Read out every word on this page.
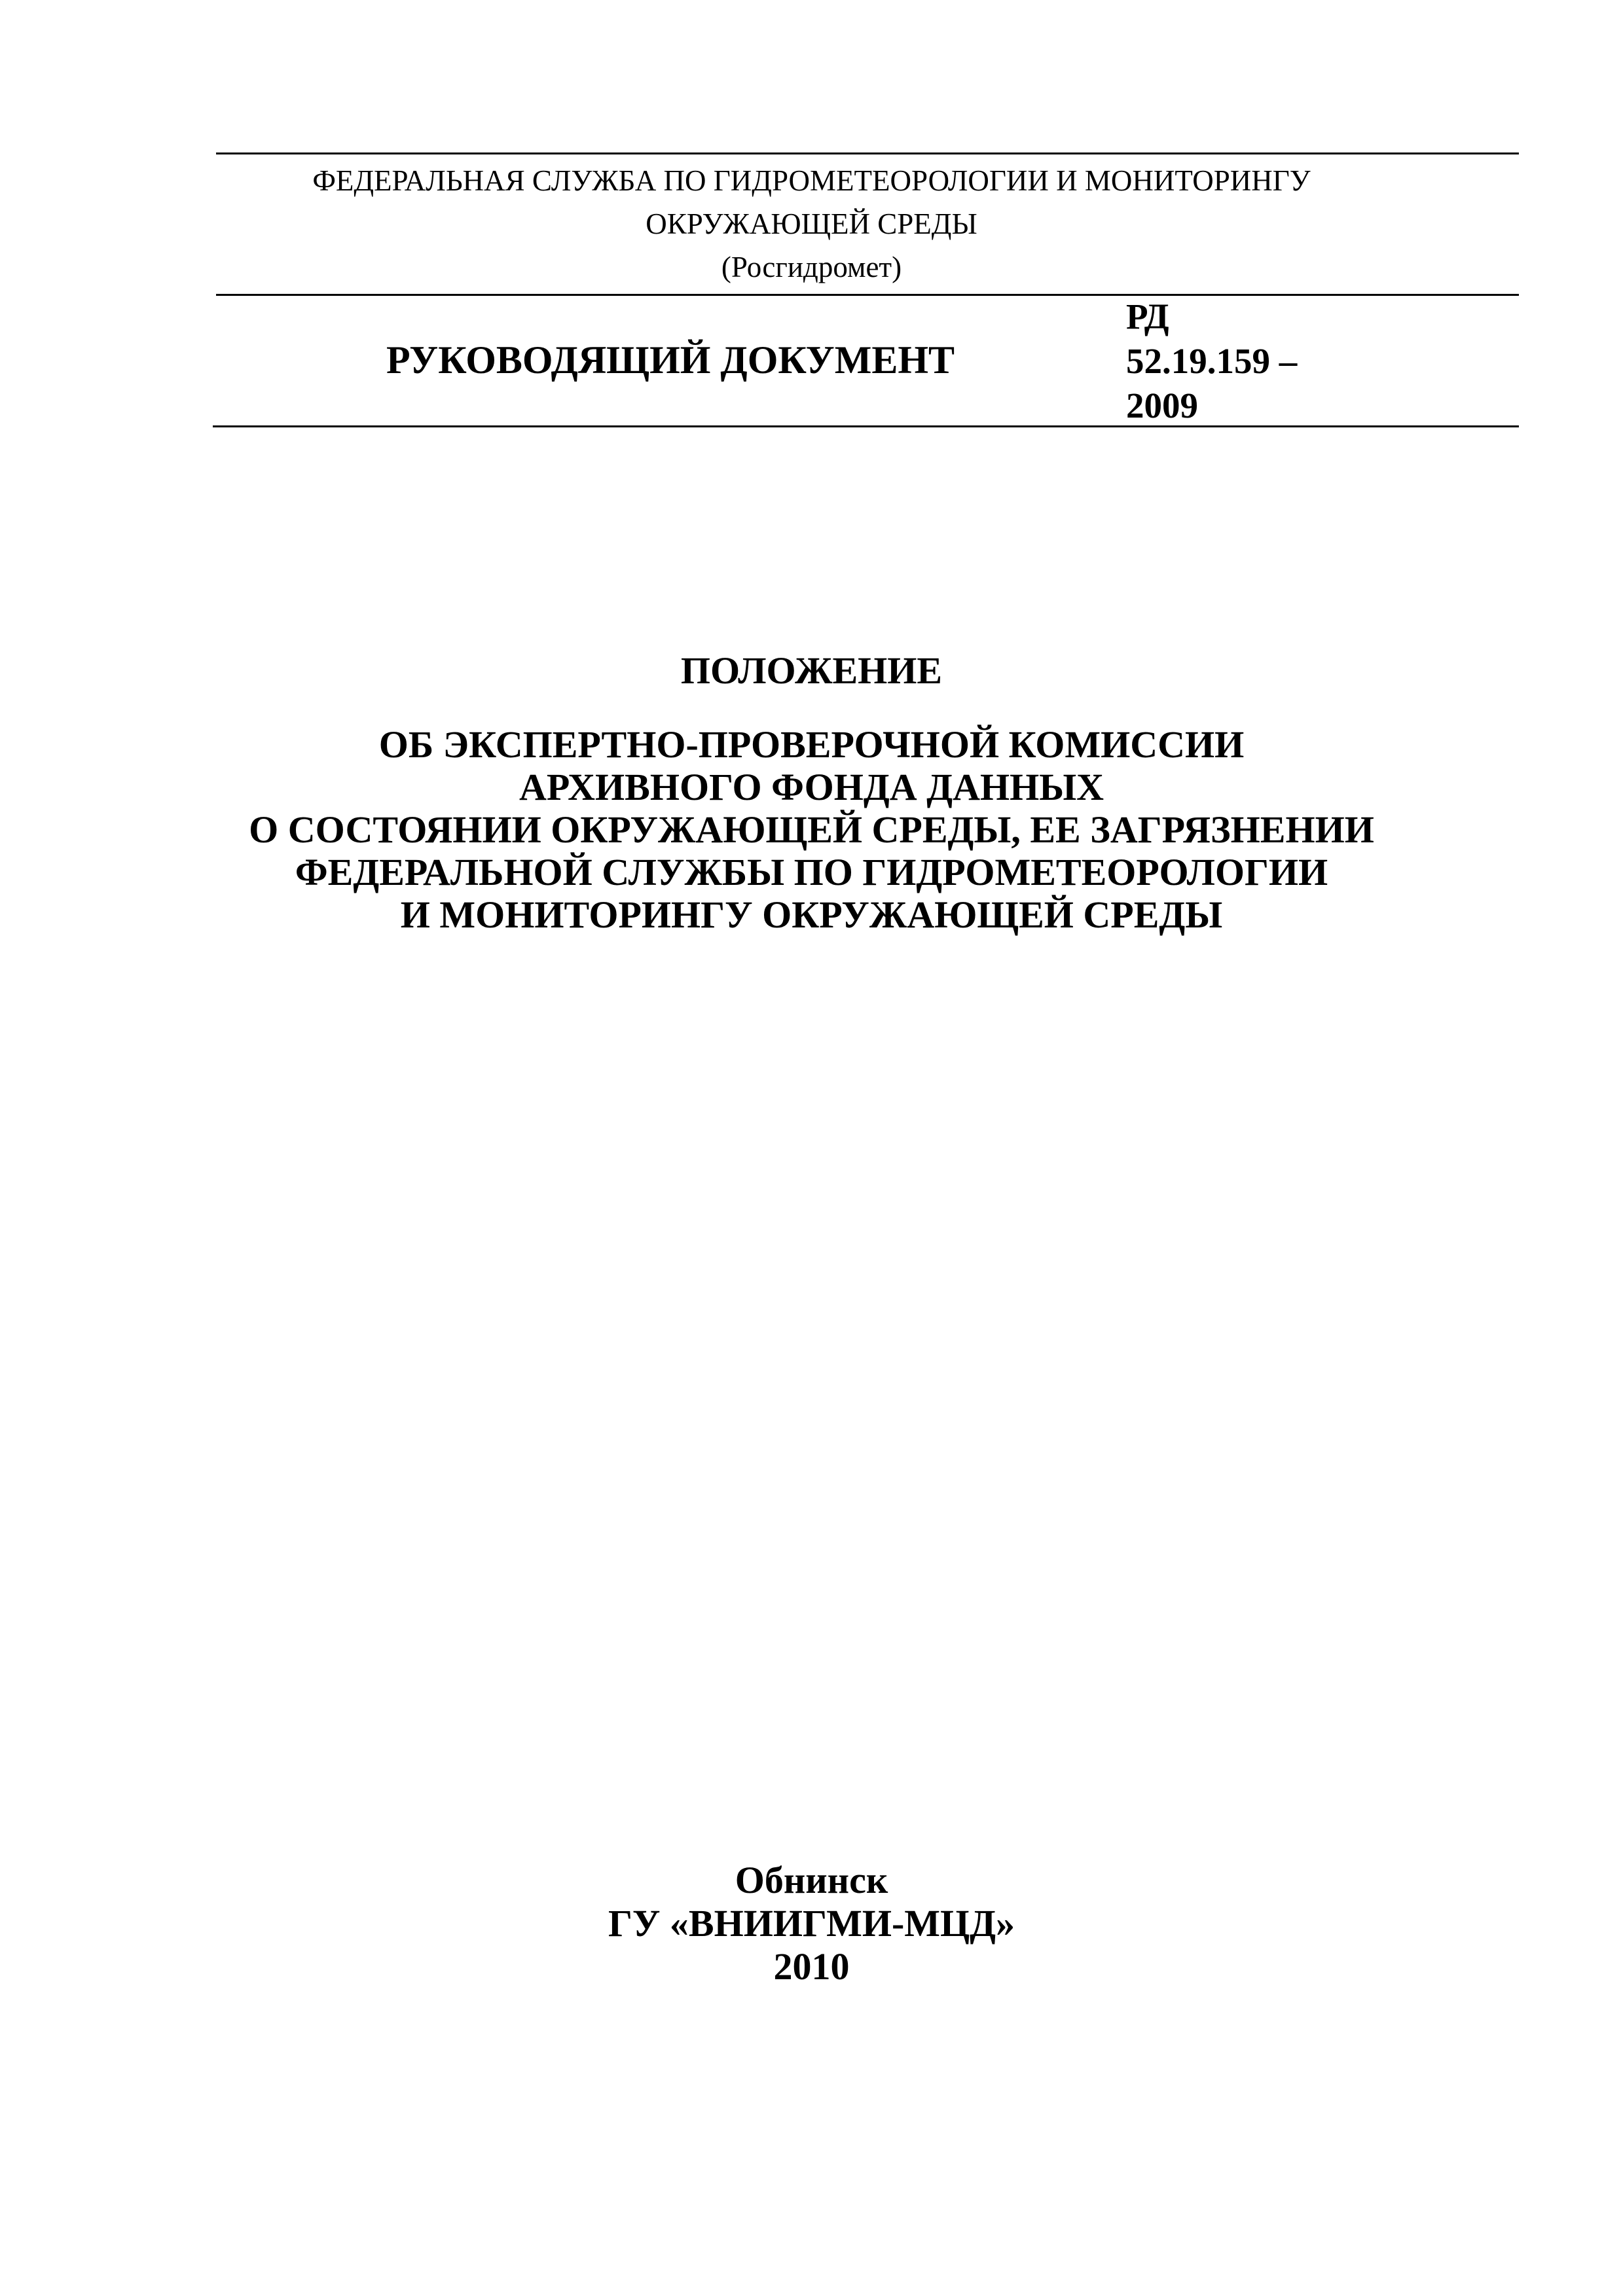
ФЕДЕРАЛЬНАЯ СЛУЖБА ПО ГИДРОМЕТЕОРОЛОГИИ И МОНИТОРИНГУ
ОКРУЖАЮЩЕЙ СРЕДЫ
(Росгидромет)
РУКОВОДЯЩИЙ ДОКУМЕНТ
РД
52.19.159 –
2009
ПОЛОЖЕНИЕ
ОБ ЭКСПЕРТНО-ПРОВЕРОЧНОЙ КОМИССИИ
АРХИВНОГО ФОНДА ДАННЫХ
О СОСТОЯНИИ ОКРУЖАЮЩЕЙ СРЕДЫ, ЕЕ ЗАГРЯЗНЕНИИ
ФЕДЕРАЛЬНОЙ СЛУЖБЫ ПО ГИДРОМЕТЕОРОЛОГИИ
И МОНИТОРИНГУ ОКРУЖАЮЩЕЙ СРЕДЫ
Обнинск
ГУ «ВНИИГМИ-МЦД»
2010
